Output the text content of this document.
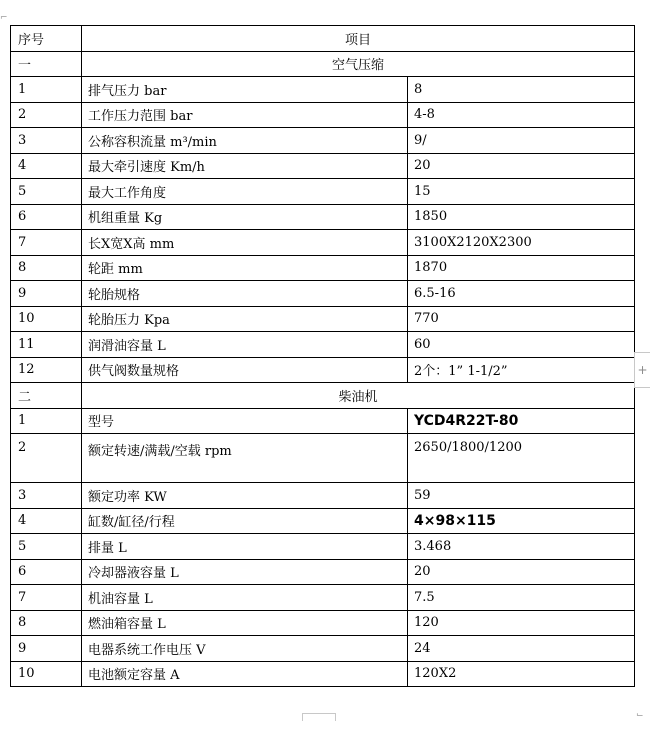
⌐
⌙
序号	项目	
一	空气压缩	
1	排气压力 bar	8
2	工作压力范围 bar	4-8
3	公称容积流量 m³/min	9/
4	最大牵引速度 Km/h	20
5	最大工作角度	15
6	机组重量 Kg	1850
7	长X宽X高 mm	3100X2120X2300
8	轮距 mm	1870
9	轮胎规格	6.5-16
10	轮胎压力 Kpa	770
11	润滑油容量 L	60
12	供气阀数量规格	2个：1” 1-1/2”
二	柴油机	
1	型号	YCD4R22T-80
2	额定转速/满载/空载 rpm	2650/1800/1200
3	额定功率 KW	59
4	缸数/缸径/行程	4×98×115
5	排量 L	3.468
6	冷却器液容量 L	20
7	机油容量 L	7.5
8	燃油箱容量 L	120
9	电器系统工作电压 V	24
10	电池额定容量 A	120X2
+
